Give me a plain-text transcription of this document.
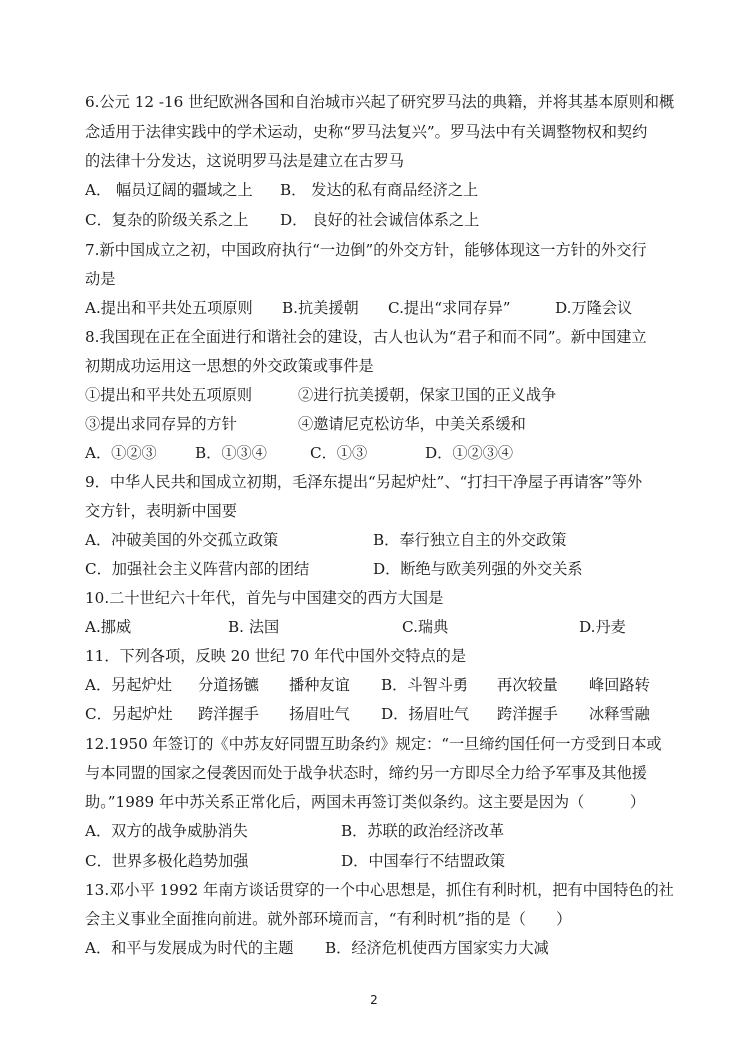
6.公元 12 -16 世纪欧洲各国和自治城市兴起了研究罗马法的典籍，并将其基本原则和概
念适用于法律实践中的学术运动，史称“罗马法复兴”。罗马法中有关调整物权和契约
的法律十分发达，这说明罗马法是建立在古罗马
A． 幅员辽阔的疆域之上 B． 发达的私有商品经济之上
C．复杂的阶级关系之上 D． 良好的社会诚信体系之上
7.新中国成立之初，中国政府执行“一边倒”的外交方针，能够体现这一方针的外交行
动是
A.提出和平共处五项原则 B.抗美援朝 C.提出“求同存异”	D.万隆会议
8.我国现在正在全面进行和谐社会的建设，古人也认为“君子和而不同”。新中国建立
初期成功运用这一思想的外交政策或事件是
①提出和平共处五项原则	②进行抗美援朝，保家卫国的正义战争
③提出求同存异的方针	④邀请尼克松访华，中美关系缓和
A．①②③	B．①③④	C．①③	D．①②③④
9．中华人民共和国成立初期，毛泽东提出“另起炉灶”、“打扫干净屋子再请客”等外
交方针，表明新中国要
A．冲破美国的外交孤立政策	B．奉行独立自主的外交政策
C．加强社会主义阵营内部的团结	D．断绝与欧美列强的外交关系
10.二十世纪六十年代，首先与中国建交的西方大国是
A.挪威	B. 法国	C.瑞典	D.丹麦
11．下列各项，反映 20 世纪 70 年代中国外交特点的是
A．另起炉灶 分道扬镳 播种友谊 B．斗智斗勇 再次较量 峰回路转
C．另起炉灶 跨洋握手 扬眉吐气 D．扬眉吐气 跨洋握手 冰释雪融
12.1950 年签订的《中苏友好同盟互助条约》规定：“一旦缔约国任何一方受到日本或
与本同盟的国家之侵袭因而处于战争状态时，缔约另一方即尽全力给予军事及其他援
助。”1989 年中苏关系正常化后，两国未再签订类似条约。这主要是因为（　　　）
A．双方的战争威胁消失	B．苏联的政治经济改革
C．世界多极化趋势加强	D．中国奉行不结盟政策
13.邓小平 1992 年南方谈话贯穿的一个中心思想是，抓住有利时机，把有中国特色的社
会主义事业全面推向前进。就外部环境而言，“有利时机”指的是（　　）
A．和平与发展成为时代的主题 B．经济危机使西方国家实力大减
2
